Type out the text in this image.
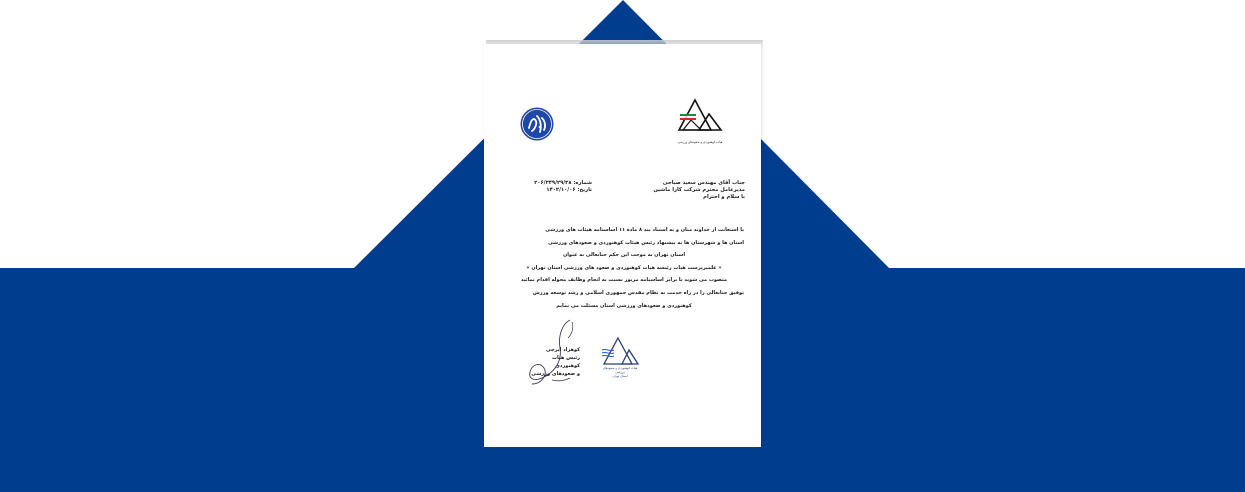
هیات کوهنوردی و صعودهای ورزشی
جناب آقای مهندس سعید صباحی
مدیرعامل محترم شرکت کارا ماشین
با سلام و احترام
شماره: ۲۰۶/۳۴۹/۲۹/۳۸
تاریخ: ۱۴۰۲/۱۰/۰۶
با استعانت از خداوند منان و به استناد بند ۸ ماده ۱۱ اساسنامه هیئات های ورزشی
استان ها و شهرستان ها به پیشنهاد رئیس هیئات کوهنوردی و صعودهای ورزشی
استان تهران به موجب این حکم جنابعالی به عنوان
« علمبرپرست هیات رئیسه هیات کوهنوردی و صعود های ورزشی استان تهران »
منصوب می شوید تا برابر اساسنامه مزبور نسبت به انجام وظایف محوله اقدام نمائید
توفیق جنابعالی را در راه خدمت به نظام مقدس جمهوری اسلامی و رشد توسعه ورزش
کوهنوردی و صعودهای ورزشی استان مسئلت می نمایم
کوهزاد ایرجی
رئیس هیات کوهنوردی
و صعودهای ورزشی
هیات کوهنوردی و صعودهای ورزشی
استان تهران
